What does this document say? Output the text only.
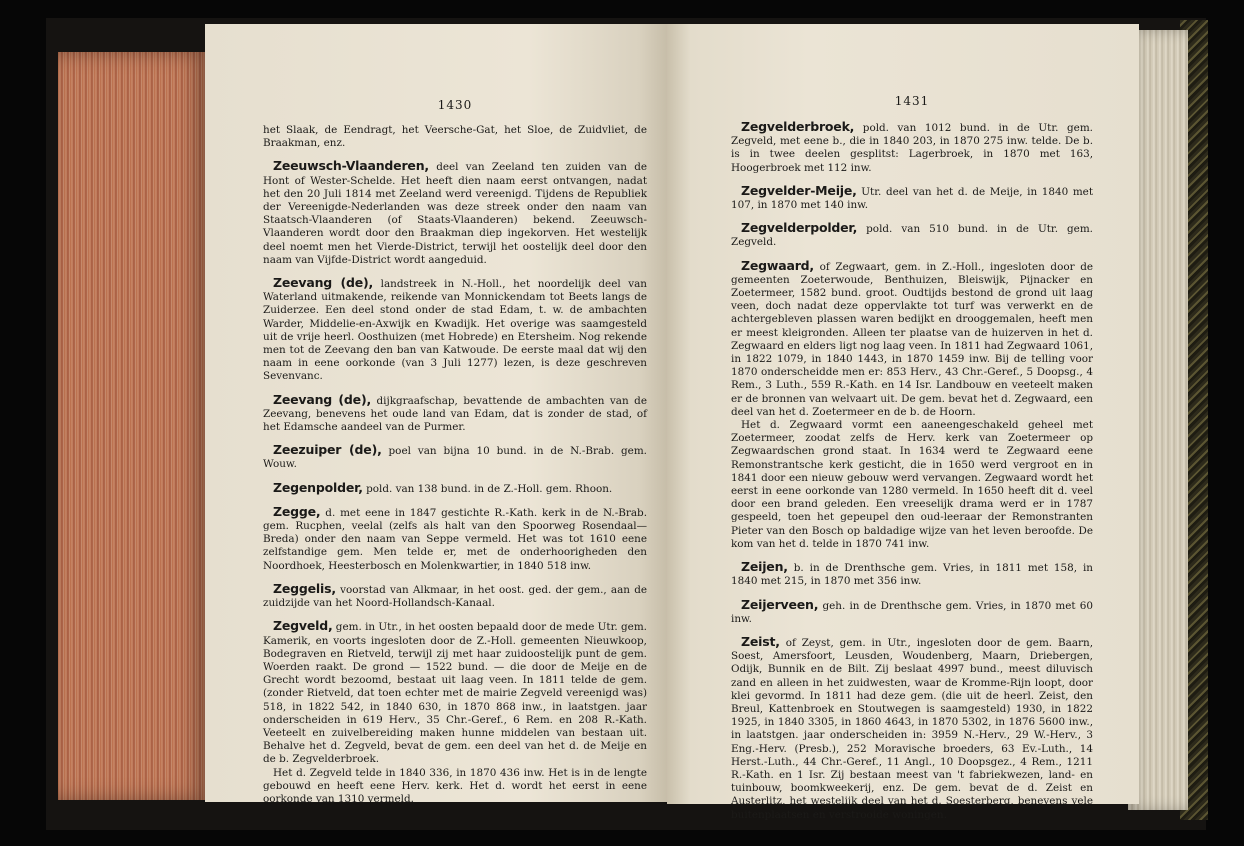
1430
het Slaak, de Eendragt, het Veersche-Gat, het Sloe, de Zuidvliet, de Braakman, enz.

Zeeuwsch-Vlaanderen, deel van Zeeland ten zuiden van de Hont of Wester-Schelde. Het heeft dien naam eerst ontvangen, nadat het den 20 Juli 1814 met Zeeland werd vereenigd. Tijdens de Republiek der Vereenigde-Nederlanden was deze streek onder den naam van Staatsch-Vlaanderen (of Staats-Vlaanderen) bekend. Zeeuwsch-Vlaanderen wordt door den Braakman diep ingekorven. Het westelijk deel noemt men het Vierde-District, terwijl het oostelijk deel door den naam van Vijfde-District wordt aangeduid.

Zeevang (de), landstreek in N.-Holl., het noordelijk deel van Waterland uitmakende, reikende van Monnickendam tot Beets langs de Zuiderzee. Een deel stond onder de stad Edam, t. w. de ambachten Warder, Middelie-en-Axwijk en Kwadijk. Het overige was saamgesteld uit de vrije heerl. Oosthuizen (met Hobrede) en Etersheim. Nog rekende men tot de Zeevang den ban van Katwoude. De eerste maal dat wij den naam in eene oorkonde (van 3 Juli 1277) lezen, is deze geschreven Sevenvanc.

Zeevang (de), dijkgraafschap, bevattende de ambachten van de Zeevang, benevens het oude land van Edam, dat is zonder de stad, of het Edamsche aandeel van de Purmer.

Zeezuiper (de), poel van bijna 10 bund. in de N.-Brab. gem. Wouw.

Zegenpolder, pold. van 138 bund. in de Z.-Holl. gem. Rhoon.

Zegge, d. met eene in 1847 gestichte R.-Kath. kerk in de N.-Brab. gem. Rucphen, veelal (zelfs als halt van den Spoorweg Rosendaal—Breda) onder den naam van Seppe vermeld. Het was tot 1610 eene zelfstandige gem. Men telde er, met de onderhoorigheden den Noordhoek, Heesterbosch en Molenkwartier, in 1840 518 inw.

Zeggelis, voorstad van Alkmaar, in het oost. ged. der gem., aan de zuidzijde van het Noord-Hollandsch-Kanaal.

Zegveld, gem. in Utr., in het oosten bepaald door de mede Utr. gem. Kamerik, en voorts ingesloten door de Z.-Holl. gemeenten Nieuwkoop, Bodegraven en Rietveld, terwijl zij met haar zuidoostelijk punt de gem. Woerden raakt. De grond — 1522 bund. — die door de Meije en de Grecht wordt bezoomd, bestaat uit laag veen. In 1811 telde de gem. (zonder Rietveld, dat toen echter met de mairie Zegveld vereenigd was) 518, in 1822 542, in 1840 630, in 1870 868 inw., in laatstgen. jaar onderscheiden in 619 Herv., 35 Chr.-Geref., 6 Rem. en 208 R.-Kath. Veeteelt en zuivelbereiding maken hunne middelen van bestaan uit. Behalve het d. Zegveld, bevat de gem. een deel van het d. de Meije en de b. Zegvelderbroek.

Het d. Zegveld telde in 1840 336, in 1870 436 inw. Het is in de lengte gebouwd en heeft eene Herv. kerk. Het d. wordt het eerst in eene oorkonde van 1310 vermeld.

1431

Zegvelderbroek, pold. van 1012 bund. in de Utr. gem. Zegveld, met eene b., die in 1840 203, in 1870 275 inw. telde. De b. is in twee deelen gesplitst: Lagerbroek, in 1870 met 163, Hoogerbroek met 112 inw.

Zegvelder-Meije, Utr. deel van het d. de Meije, in 1840 met 107, in 1870 met 140 inw.

Zegvelderpolder, pold. van 510 bund. in de Utr. gem. Zegveld.

Zegwaard, of Zegwaart, gem. in Z.-Holl., ingesloten door de gemeenten Zoeterwoude, Benthuizen, Bleiswijk, Pijnacker en Zoetermeer, 1582 bund. groot. Oudtijds bestond de grond uit laag veen, doch nadat deze oppervlakte tot turf was verwerkt en de achtergebleven plassen waren bedijkt en drooggemalen, heeft men er meest kleigronden. Alleen ter plaatse van de huizerven in het d. Zegwaard en elders ligt nog laag veen. In 1811 had Zegwaard 1061, in 1822 1079, in 1840 1443, in 1870 1459 inw. Bij de telling voor 1870 onderscheidde men er: 853 Herv., 43 Chr.-Geref., 5 Doopsg., 4 Rem., 3 Luth., 559 R.-Kath. en 14 Isr. Landbouw en veeteelt maken er de bronnen van welvaart uit. De gem. bevat het d. Zegwaard, een deel van het d. Zoetermeer en de b. de Hoorn.

Het d. Zegwaard vormt een aaneengeschakeld geheel met Zoetermeer, zoodat zelfs de Herv. kerk van Zoetermeer op Zegwaardschen grond staat. In 1634 werd te Zegwaard eene Remonstrantsche kerk gesticht, die in 1650 werd vergroot en in 1841 door een nieuw gebouw werd vervangen. Zegwaard wordt het eerst in eene oorkonde van 1280 vermeld. In 1650 heeft dit d. veel door een brand geleden. Een vreeselijk drama werd er in 1787 gespeeld, toen het gepeupel den oud-leeraar der Remonstranten Pieter van den Bosch op baldadige wijze van het leven beroofde. De kom van het d. telde in 1870 741 inw.

Zeijen, b. in de Drenthsche gem. Vries, in 1811 met 158, in 1840 met 215, in 1870 met 356 inw.

Zeijerveen, geh. in de Drenthsche gem. Vries, in 1870 met 60 inw.

Zeist, of Zeyst, gem. in Utr., ingesloten door de gem. Baarn, Soest, Amersfoort, Leusden, Woudenberg, Maarn, Driebergen, Odijk, Bunnik en de Bilt. Zij beslaat 4997 bund., meest diluvisch zand en alleen in het zuidwesten, waar de Kromme-Rijn loopt, door klei gevormd. In 1811 had deze gem. (die uit de heerl. Zeist, den Breul, Kattenbroek en Stoutwegen is saamgesteld) 1930, in 1822 1925, in 1840 3305, in 1860 4643, in 1870 5302, in 1876 5600 inw., in laatstgen. jaar onderscheiden in: 3959 N.-Herv., 29 W.-Herv., 3 Eng.-Herv. (Presb.), 252 Moravische broeders, 63 Ev.-Luth., 14 Herst.-Luth., 44 Chr.-Geref., 11 Angl., 10 Doopsgez., 4 Rem., 1211 R.-Kath. en 1 Isr. Zij bestaan meest van 't fabriekwezen, land- en tuinbouw, boomkweekerij, enz. De gem. bevat de d. Zeist en Austerlitz, het westelijk deel van het d. Soesterberg, benevens vele buitenplaatsen en verstrooide woningen.
